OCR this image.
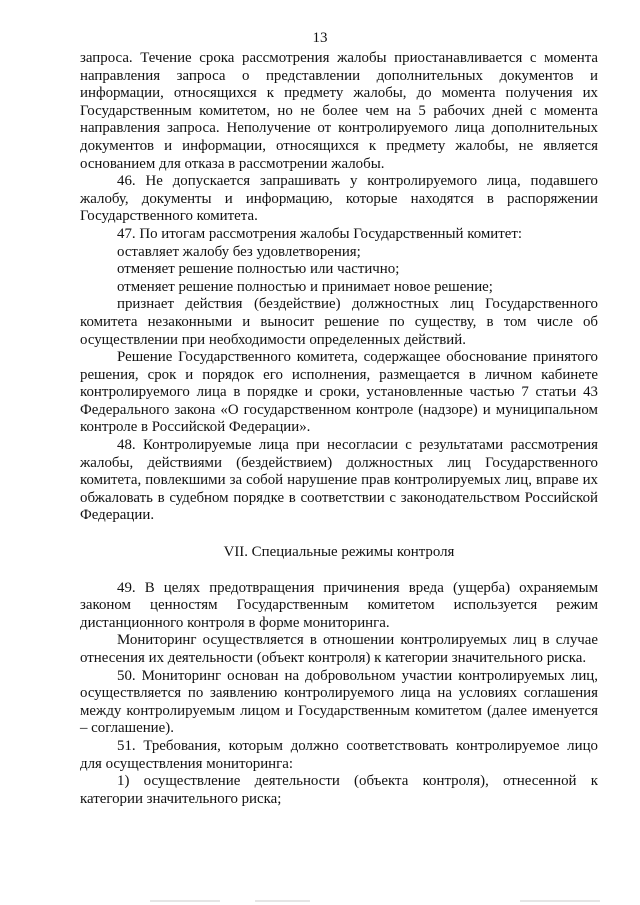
13

запроса. Течение срока рассмотрения жалобы приостанавливается с момента направления запроса о представлении дополнительных документов и информации, относящихся к предмету жалобы, до момента получения их Государственным комитетом, но не более чем на 5 рабочих дней с момента направления запроса. Неполучение от контролируемого лица дополнительных документов и информации, относящихся к предмету жалобы, не является основанием для отказа в рассмотрении жалобы.

46. Не допускается запрашивать у контролируемого лица, подавшего жалобу, документы и информацию, которые находятся в распоряжении Государственного комитета.

47. По итогам рассмотрения жалобы Государственный комитет:

оставляет жалобу без удовлетворения;

отменяет решение полностью или частично;

отменяет решение полностью и принимает новое решение;

признает действия (бездействие) должностных лиц Государственного комитета незаконными и выносит решение по существу, в том числе об осуществлении при необходимости определенных действий.

Решение Государственного комитета, содержащее обоснование принятого решения, срок и порядок его исполнения, размещается в личном кабинете контролируемого лица в порядке и сроки, установленные частью 7 статьи 43 Федерального закона «О государственном контроле (надзоре) и муниципальном контроле в Российской Федерации».

48. Контролируемые лица при несогласии с результатами рассмотрения жалобы, действиями (бездействием) должностных лиц Государственного комитета, повлекшими за собой нарушение прав контролируемых лиц, вправе их обжаловать в судебном порядке в соответствии с законодательством Российской Федерации.

VII. Специальные режимы контроля

49. В целях предотвращения причинения вреда (ущерба) охраняемым законом ценностям Государственным комитетом используется режим дистанционного контроля в форме мониторинга.

Мониторинг осуществляется в отношении контролируемых лиц в случае отнесения их деятельности (объект контроля) к категории значительного риска.

50. Мониторинг основан на добровольном участии контролируемых лиц, осуществляется по заявлению контролируемого лица на условиях соглашения между контролируемым лицом и Государственным комитетом (далее именуется – соглашение).

51. Требования, которым должно соответствовать контролируемое лицо для осуществления мониторинга:

1) осуществление деятельности (объекта контроля), отнесенной к категории значительного риска;
